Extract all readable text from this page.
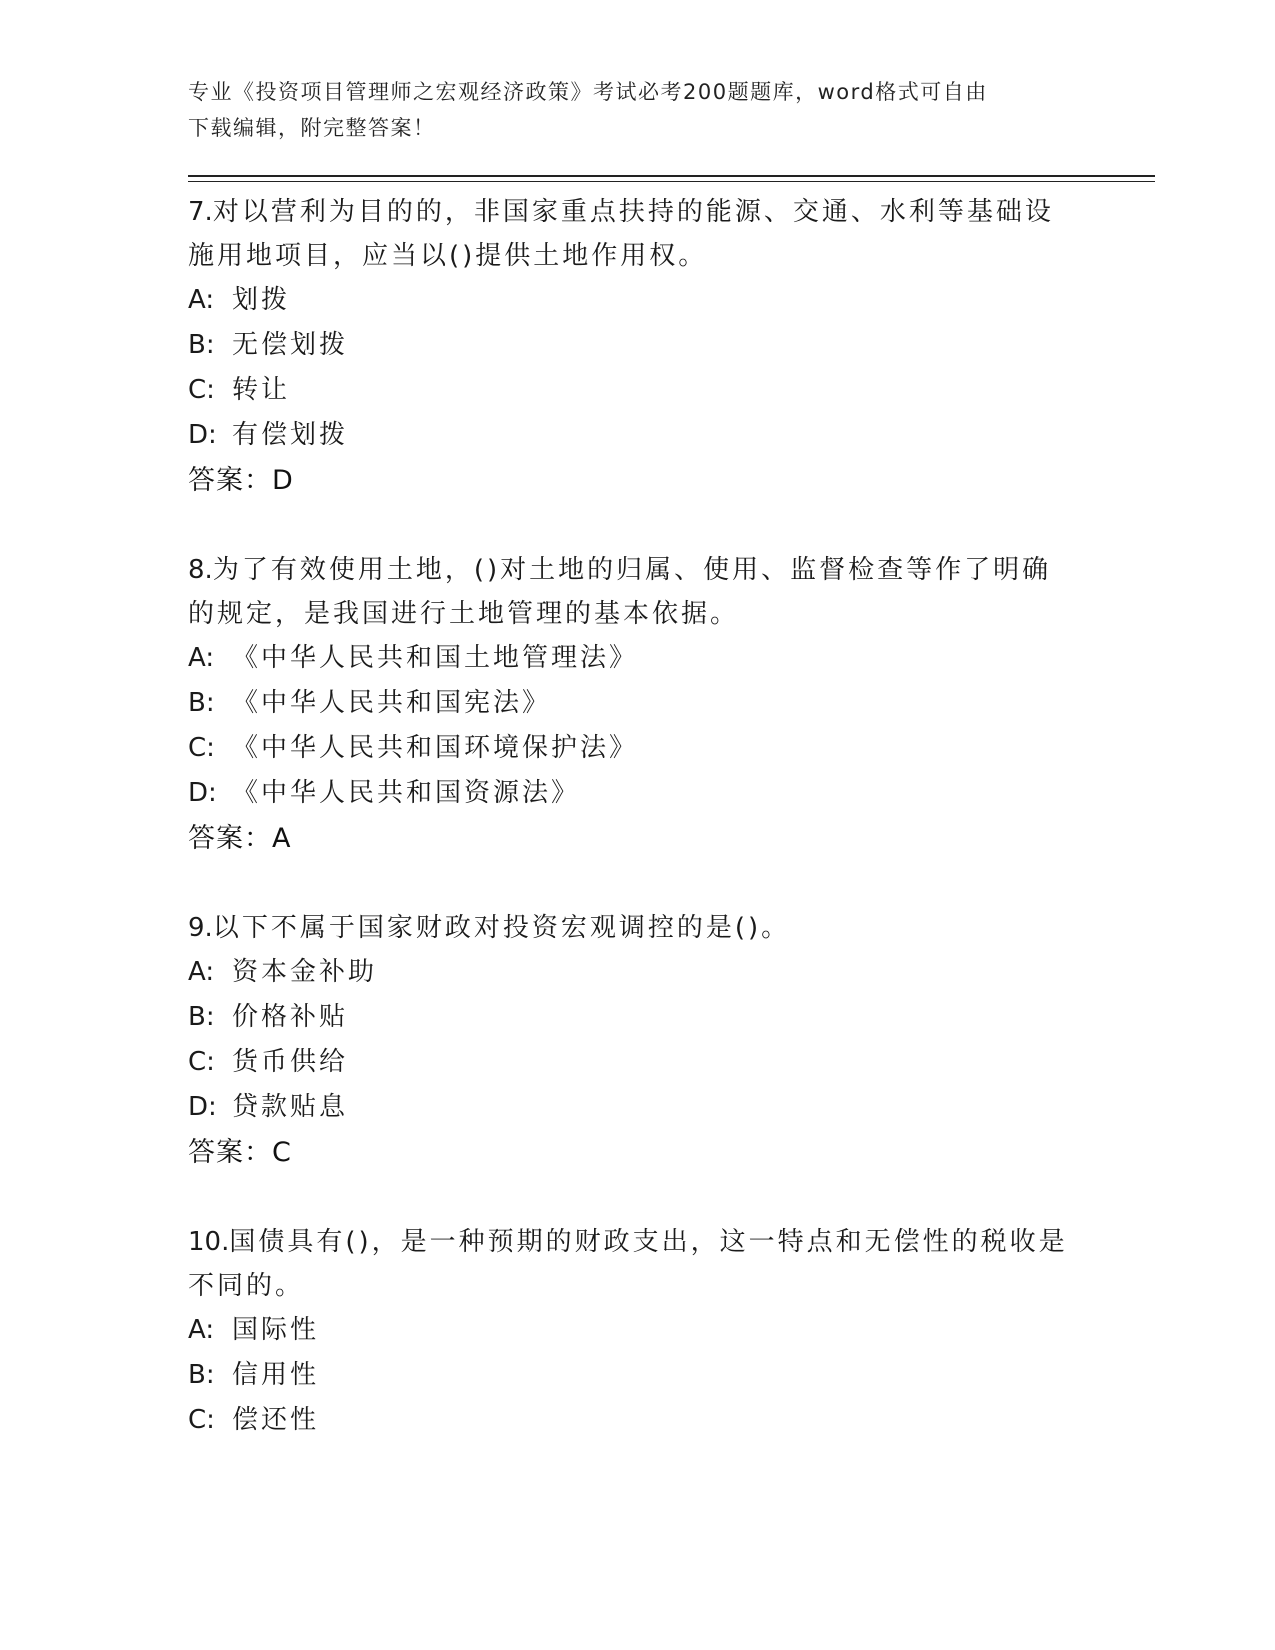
专业《投资项目管理师之宏观经济政策》考试必考200题题库，word格式可自由
下载编辑，附完整答案！
7.对以营利为目的的，非国家重点扶持的能源、交通、水利等基础设
施用地项目，应当以()提供土地作用权。
A: 划拨
B: 无偿划拨
C: 转让
D: 有偿划拨
答案：D
8.为了有效使用土地，()对土地的归属、使用、监督检查等作了明确
的规定，是我国进行土地管理的基本依据。
A: 《中华人民共和国土地管理法》
B: 《中华人民共和国宪法》
C: 《中华人民共和国环境保护法》
D: 《中华人民共和国资源法》
答案：A
9.以下不属于国家财政对投资宏观调控的是()。
A: 资本金补助
B: 价格补贴
C: 货币供给
D: 贷款贴息
答案：C
10.国债具有()，是一种预期的财政支出，这一特点和无偿性的税收是
不同的。
A: 国际性
B: 信用性
C: 偿还性
